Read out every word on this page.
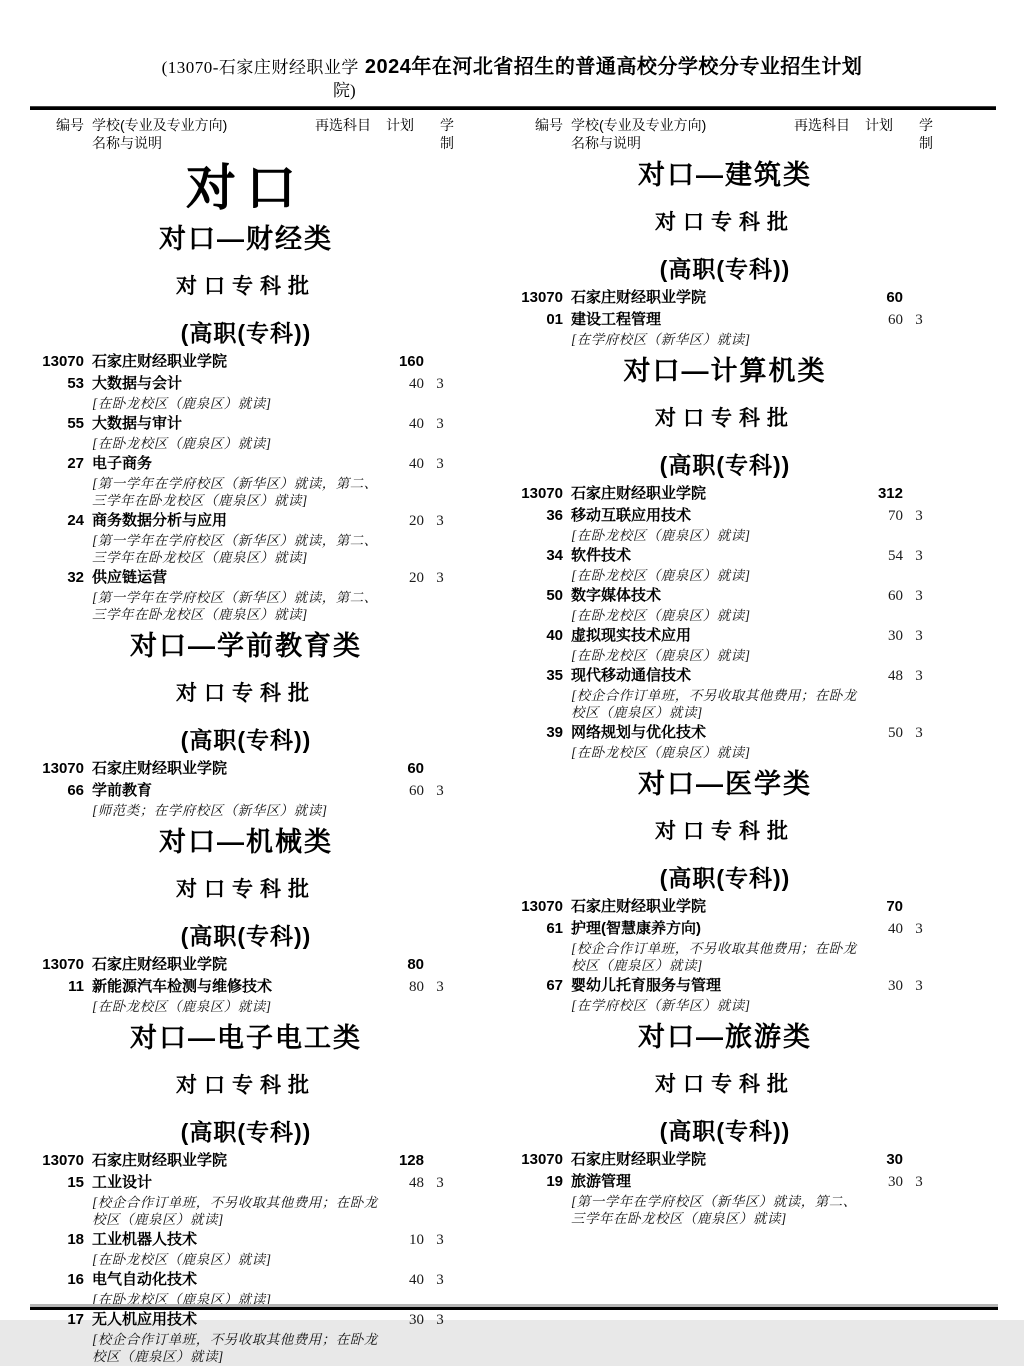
(13070-石家庄财经职业学 2024年在河北省招生的普通高校分学校分专业招生计划
院)
编号 学校(专业及专业方向)
名称与说明
再选科目	计划	学
制
编号 学校(专业及专业方向)
名称与说明
再选科目	计划	学
制
对口
对口—财经类
对口专科批
(高职(专科))
13070 石家庄财经职业学院	160
53 大数据与会计	40 3
[在卧龙校区（鹿泉区）就读]
55 大数据与审计	40 3
[在卧龙校区（鹿泉区）就读]
27 电子商务	40 3
[第一学年在学府校区（新华区）就读，第二、三学年在卧龙校区（鹿泉区）就读]
24 商务数据分析与应用	20 3
[第一学年在学府校区（新华区）就读，第二、三学年在卧龙校区（鹿泉区）就读]
32 供应链运营	20 3
[第一学年在学府校区（新华区）就读，第二、三学年在卧龙校区（鹿泉区）就读]
对口—学前教育类
对口专科批
(高职(专科))
13070 石家庄财经职业学院	60
66 学前教育	60 3
[师范类；在学府校区（新华区）就读]
对口—机械类
对口专科批
(高职(专科))
13070 石家庄财经职业学院	80
11 新能源汽车检测与维修技术	80 3
[在卧龙校区（鹿泉区）就读]
对口—电子电工类
对口专科批
(高职(专科))
13070 石家庄财经职业学院	128
15 工业设计	48 3
[校企合作订单班，不另收取其他费用；在卧龙校区（鹿泉区）就读]
18 工业机器人技术	10 3
[在卧龙校区（鹿泉区）就读]
16 电气自动化技术	40 3
[在卧龙校区（鹿泉区）就读]
17 无人机应用技术	30 3
[校企合作订单班，不另收取其他费用；在卧龙校区（鹿泉区）就读]
对口—建筑类
对口专科批
(高职(专科))
13070 石家庄财经职业学院	60
01 建设工程管理	60 3
[在学府校区（新华区）就读]
对口—计算机类
对口专科批
(高职(专科))
13070 石家庄财经职业学院	312
36 移动互联应用技术	70 3
[在卧龙校区（鹿泉区）就读]
34 软件技术	54 3
[在卧龙校区（鹿泉区）就读]
50 数字媒体技术	60 3
[在卧龙校区（鹿泉区）就读]
40 虚拟现实技术应用	30 3
[在卧龙校区（鹿泉区）就读]
35 现代移动通信技术	48 3
[校企合作订单班，不另收取其他费用；在卧龙校区（鹿泉区）就读]
39 网络规划与优化技术	50 3
[在卧龙校区（鹿泉区）就读]
对口—医学类
对口专科批
(高职(专科))
13070 石家庄财经职业学院	70
61 护理(智慧康养方向)	40 3
[校企合作订单班，不另收取其他费用；在卧龙校区（鹿泉区）就读]
67 婴幼儿托育服务与管理	30 3
[在学府校区（新华区）就读]
对口—旅游类
对口专科批
(高职(专科))
13070 石家庄财经职业学院	30
19 旅游管理	30 3
[第一学年在学府校区（新华区）就读，第二、三学年在卧龙校区（鹿泉区）就读]
